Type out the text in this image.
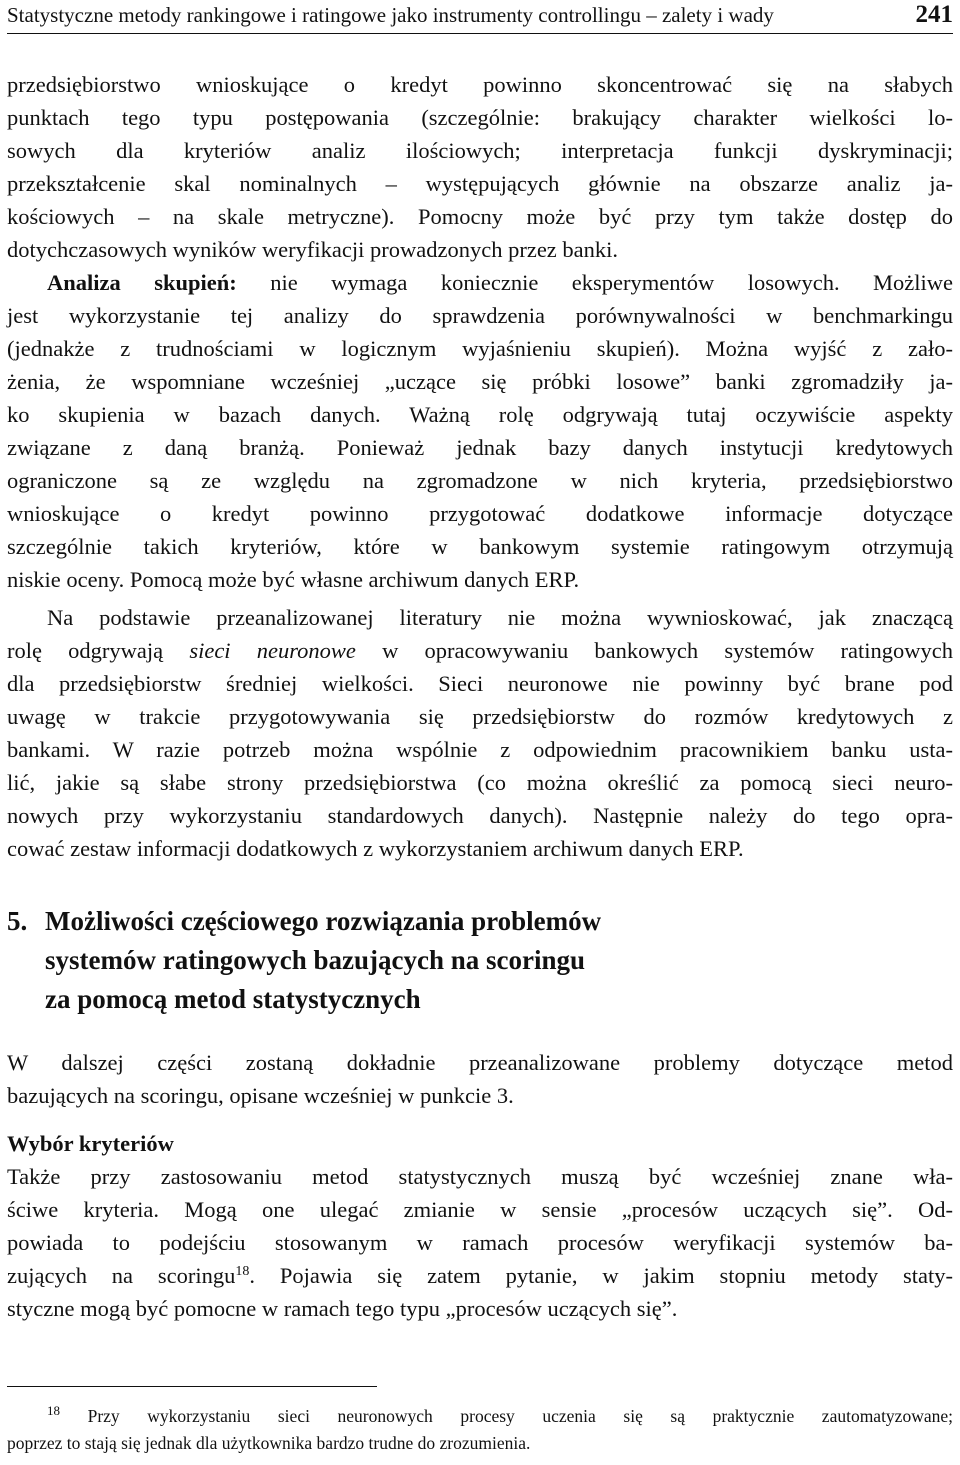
Statystyczne metody rankingowe i ratingowe jako instrumenty controllingu – zalety i wady	241
przedsiębiorstwo wnioskujące o kredyt powinno skoncentrować się na słabych
punktach tego typu postępowania (szczególnie: brakujący charakter wielkości lo-
sowych dla kryteriów analiz ilościowych; interpretacja funkcji dyskryminacji;
przekształcenie skal nominalnych – występujących głównie na obszarze analiz ja-
kościowych – na skale metryczne). Pomocny może być przy tym także dostęp do
dotychczasowych wyników weryfikacji prowadzonych przez banki.
Analiza skupień: nie wymaga koniecznie eksperymentów losowych. Możliwe
jest wykorzystanie tej analizy do sprawdzenia porównywalności w benchmarkingu
(jednakże z trudnościami w logicznym wyjaśnieniu skupień). Można wyjść z zało-
żenia, że wspomniane wcześniej „uczące się próbki losowe” banki zgromadziły ja-
ko skupienia w bazach danych. Ważną rolę odgrywają tutaj oczywiście aspekty
związane z daną branżą. Ponieważ jednak bazy danych instytucji kredytowych
ograniczone są ze względu na zgromadzone w nich kryteria, przedsiębiorstwo
wnioskujące o kredyt powinno przygotować dodatkowe informacje dotyczące
szczególnie takich kryteriów, które w bankowym systemie ratingowym otrzymują
niskie oceny. Pomocą może być własne archiwum danych ERP.
Na podstawie przeanalizowanej literatury nie można wywnioskować, jak znaczącą
rolę odgrywają sieci neuronowe w opracowywaniu bankowych systemów ratingowych
dla przedsiębiorstw średniej wielkości. Sieci neuronowe nie powinny być brane pod
uwagę w trakcie przygotowywania się przedsiębiorstw do rozmów kredytowych z
bankami. W razie potrzeb można wspólnie z odpowiednim pracownikiem banku usta-
lić, jakie są słabe strony przedsiębiorstwa (co można określić za pomocą sieci neuro-
nowych przy wykorzystaniu standardowych danych). Następnie należy do tego opra-
cować zestaw informacji dodatkowych z wykorzystaniem archiwum danych ERP.
5. Możliwości częściowego rozwiązania problemów
systemów ratingowych bazujących na scoringu
za pomocą metod statystycznych
W dalszej części zostaną dokładnie przeanalizowane problemy dotyczące metod
bazujących na scoringu, opisane wcześniej w punkcie 3.
Wybór kryteriów
Także przy zastosowaniu metod statystycznych muszą być wcześniej znane wła-
ściwe kryteria. Mogą one ulegać zmianie w sensie „procesów uczących się”. Od-
powiada to podejściu stosowanym w ramach procesów weryfikacji systemów ba-
zujących na scoringu$^{18}$. Pojawia się zatem pytanie, w jakim stopniu metody staty-
styczne mogą być pomocne w ramach tego typu „procesów uczących się”.
$^{18}$ Przy wykorzystaniu sieci neuronowych procesy uczenia się są praktycznie zautomatyzowane;
poprzez to stają się jednak dla użytkownika bardzo trudne do zrozumienia.
